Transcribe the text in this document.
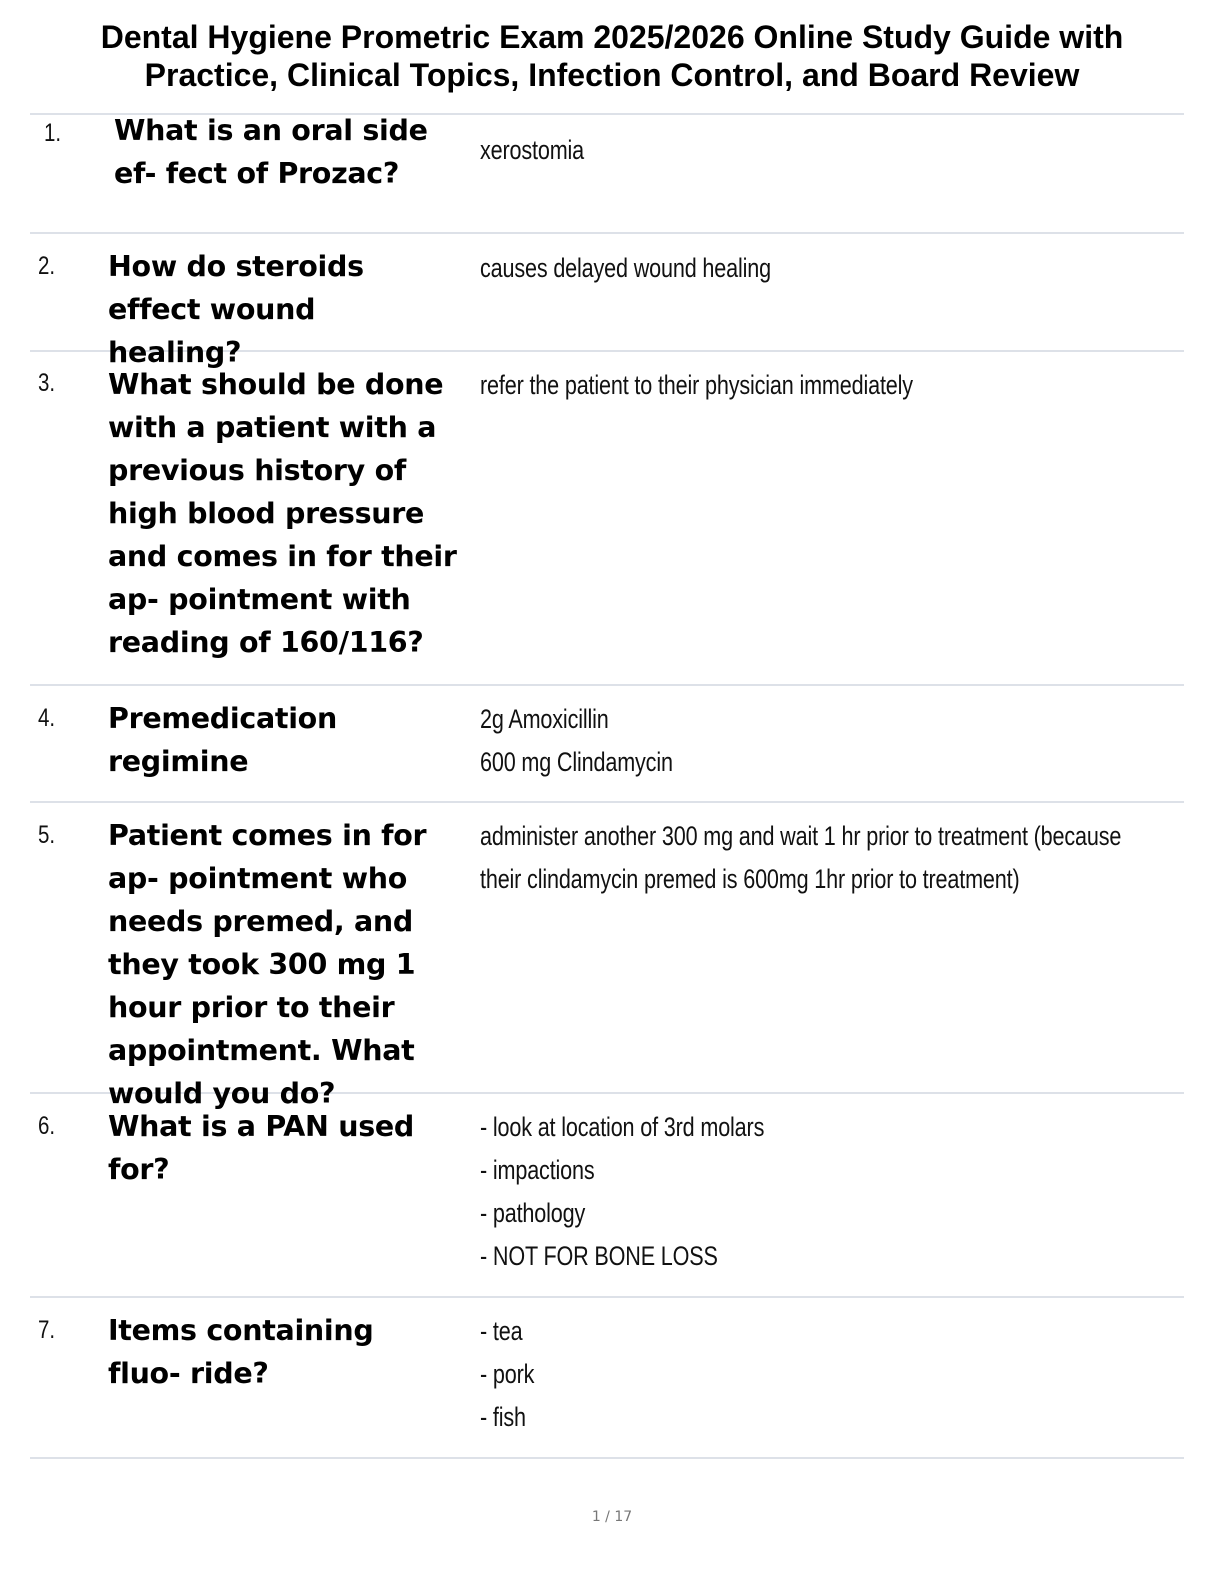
Dental Hygiene Prometric Exam 2025/2026 Online Study Guide with
Practice, Clinical Topics, Infection Control, and Board Review
1. What is an oral side ef- fect of Prozac?
xerostomia
2. How do steroids effect wound healing?
causes delayed wound healing
3. What should be done with a patient with a previous history of high blood pressure and comes in for their ap- pointment with reading of 160/116?
refer the patient to their physician immediately
4. Premedication regimine
2g Amoxicillin
600 mg Clindamycin
5. Patient comes in for ap- pointment who needs premed, and they took 300 mg 1 hour prior to their appointment. What would you do?
administer another 300 mg and wait 1 hr prior to treatment (because
their clindamycin premed is 600mg 1hr prior to treatment)
6. What is a PAN used for?
- look at location of 3rd molars
- impactions
- pathology
- NOT FOR BONE LOSS
7. Items containing fluo- ride?
- tea
- pork
- fish
1 / 17
